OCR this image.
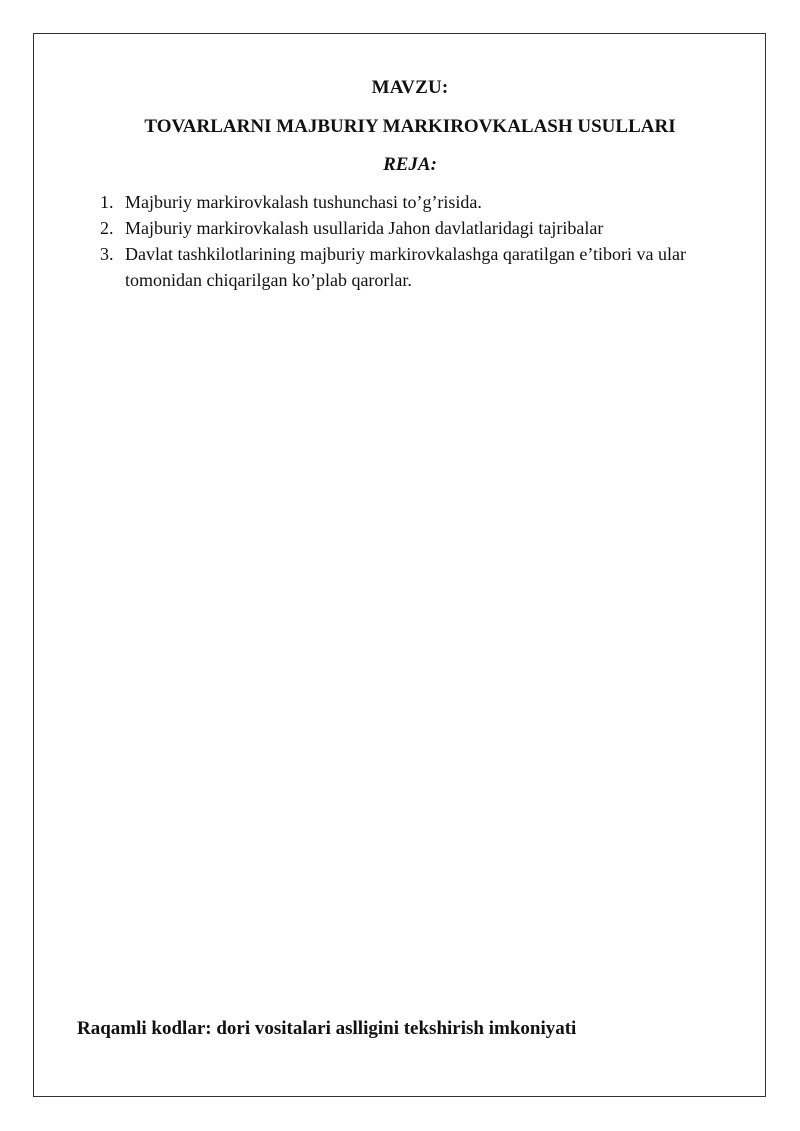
MAVZU:
TOVARLARNI MAJBURIY MARKIROVKALASH USULLARI
REJA:
1. Majburiy markirovkalash tushunchasi to’g’risida.
2. Majburiy markirovkalash usullarida Jahon davlatlaridagi tajribalar
3. Davlat tashkilotlarining majburiy markirovkalashga qaratilgan e’tibori va ular tomonidan chiqarilgan ko’plab qarorlar.
Raqamli kodlar: dori vositalari aslligini tekshirish imkoniyati
